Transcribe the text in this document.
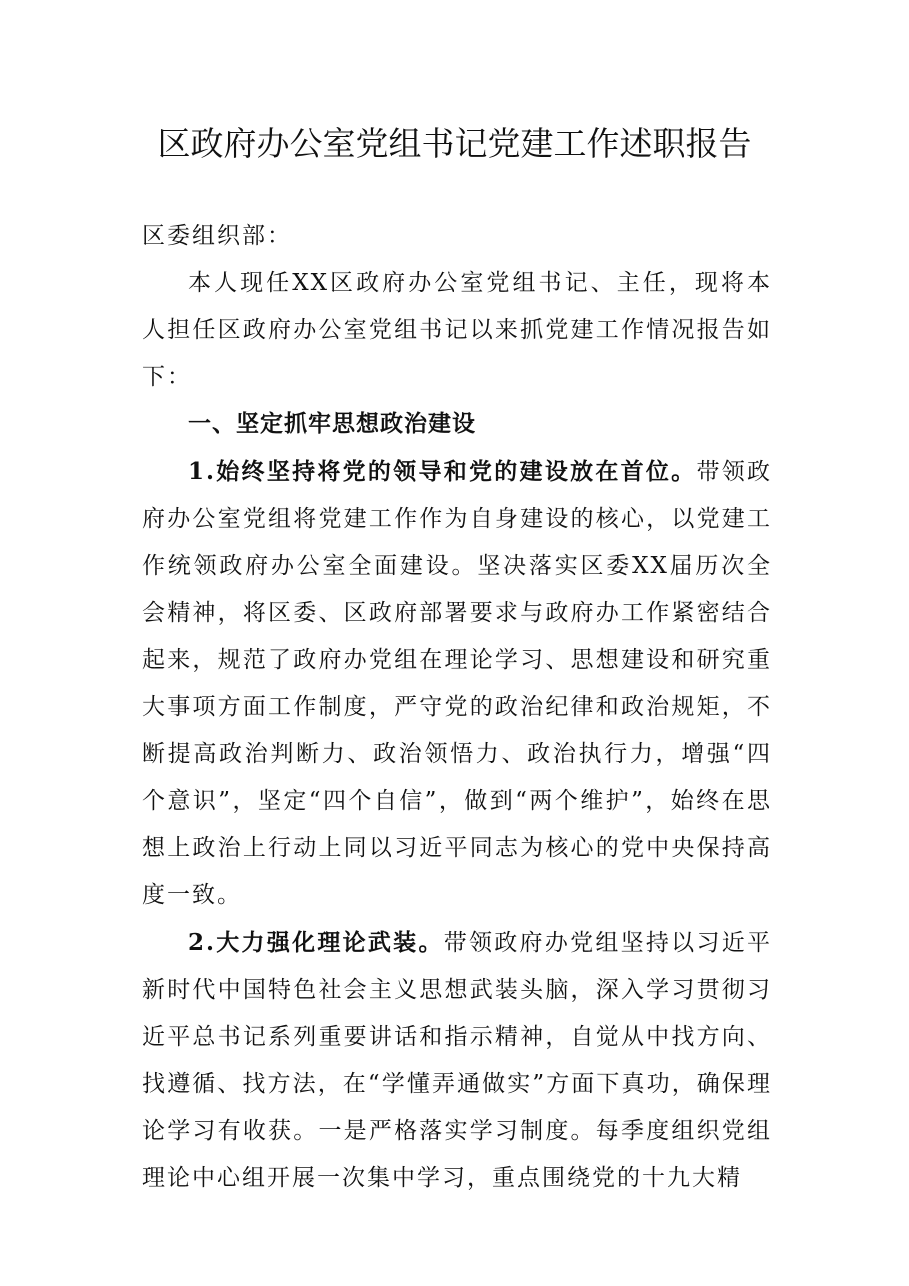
区政府办公室党组书记党建工作述职报告

区委组织部：

本人现任XX区政府办公室党组书记、主任，现将本人担任区政府办公室党组书记以来抓党建工作情况报告如下：

一、坚定抓牢思想政治建设

1.始终坚持将党的领导和党的建设放在首位。带领政府办公室党组将党建工作作为自身建设的核心，以党建工作统领政府办公室全面建设。坚决落实区委XX届历次全会精神，将区委、区政府部署要求与政府办工作紧密结合起来，规范了政府办党组在理论学习、思想建设和研究重大事项方面工作制度，严守党的政治纪律和政治规矩，不断提高政治判断力、政治领悟力、政治执行力，增强“四个意识”，坚定“四个自信”，做到“两个维护”，始终在思想上政治上行动上同以习近平同志为核心的党中央保持高度一致。

2.大力强化理论武装。带领政府办党组坚持以习近平新时代中国特色社会主义思想武装头脑，深入学习贯彻习近平总书记系列重要讲话和指示精神，自觉从中找方向、找遵循、找方法，在“学懂弄通做实”方面下真功，确保理论学习有收获。一是严格落实学习制度。每季度组织党组理论中心组开展一次集中学习，重点围绕党的十九大精
